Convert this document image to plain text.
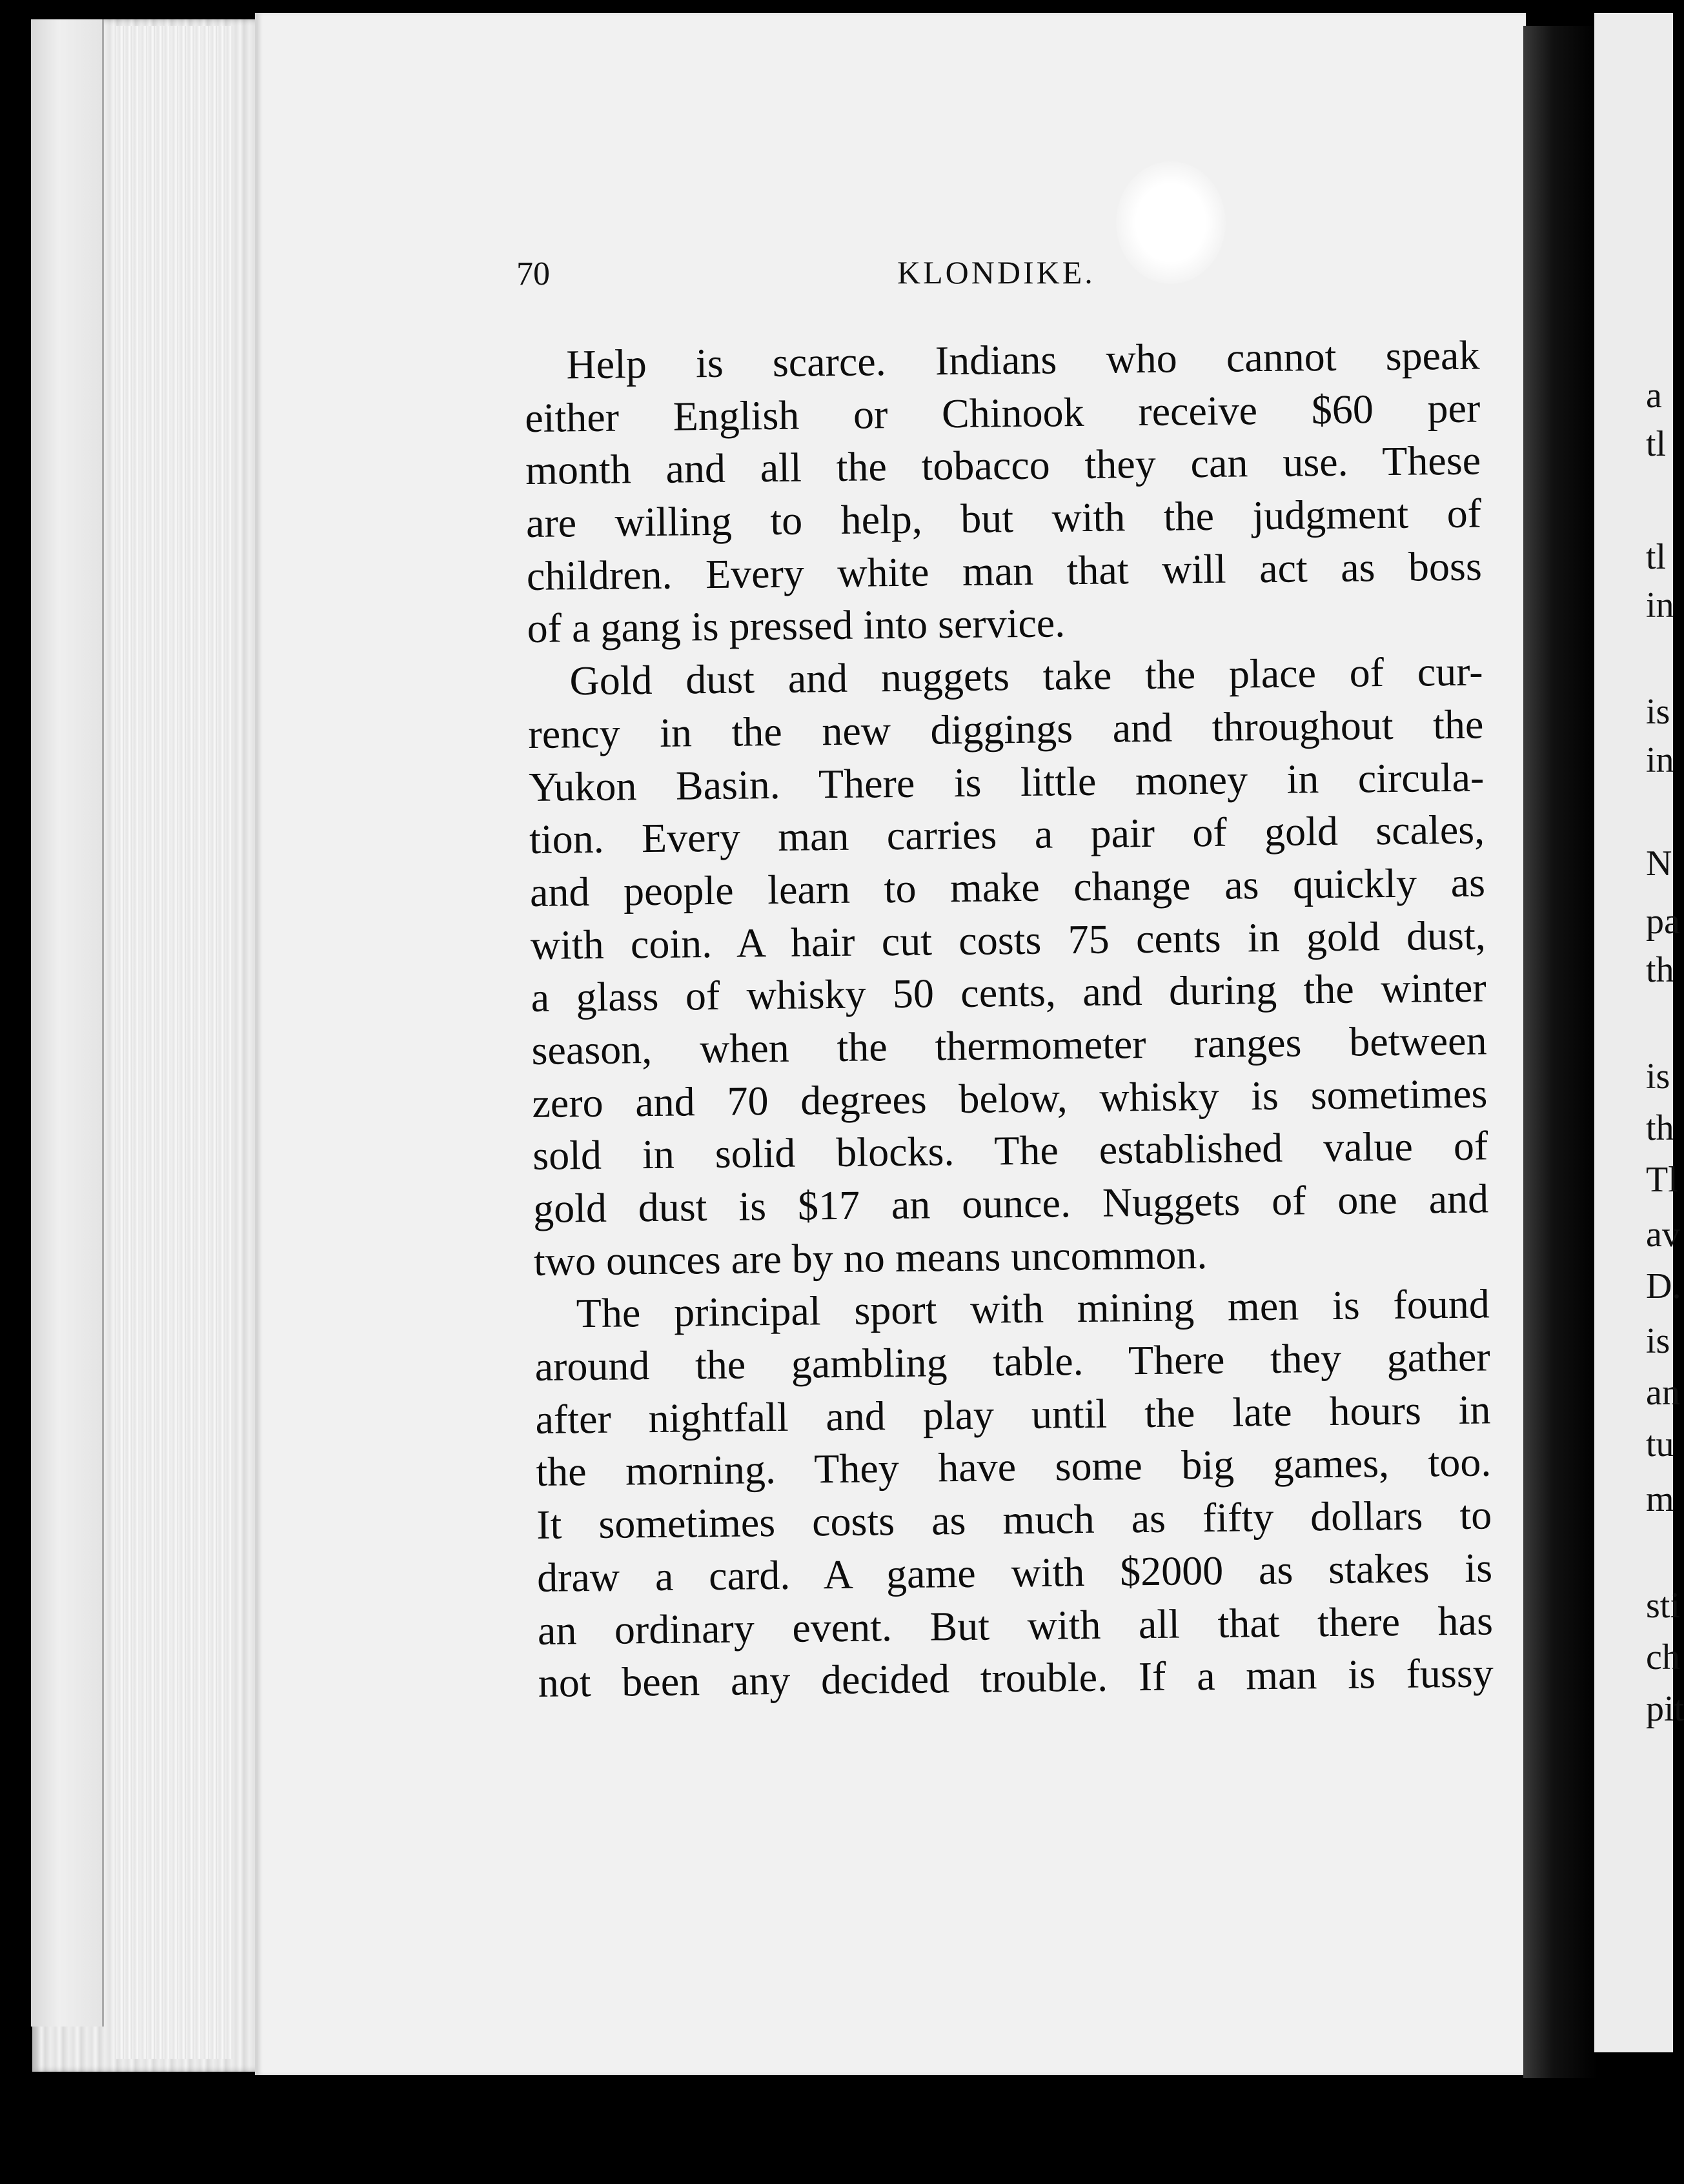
a
tl
tl
in
is
in
N
pa
th
is
th
Tl
av
D.
is
an
tu
m
sti
ch
pit
70	KLONDIKE.

Help is scarce. Indians who cannot speak
either English or Chinook receive $60 per
month and all the tobacco they can use. These
are willing to help, but with the judgment of
children. Every white man that will act as boss
of a gang is pressed into service.

Gold dust and nuggets take the place of cur-
rency in the new diggings and throughout the
Yukon Basin. There is little money in circula-
tion. Every man carries a pair of gold scales,
and people learn to make change as quickly as
with coin. A hair cut costs 75 cents in gold dust,
a glass of whisky 50 cents, and during the winter
season, when the thermometer ranges between
zero and 70 degrees below, whisky is sometimes
sold in solid blocks. The established value of
gold dust is $17 an ounce. Nuggets of one and
two ounces are by no means uncommon.

The principal sport with mining men is found
around the gambling table. There they gather
after nightfall and play until the late hours in
the morning. They have some big games, too.
It sometimes costs as much as fifty dollars to
draw a card. A game with $2000 as stakes is
an ordinary event. But with all that there has
not been any decided trouble. If a man is fussy
